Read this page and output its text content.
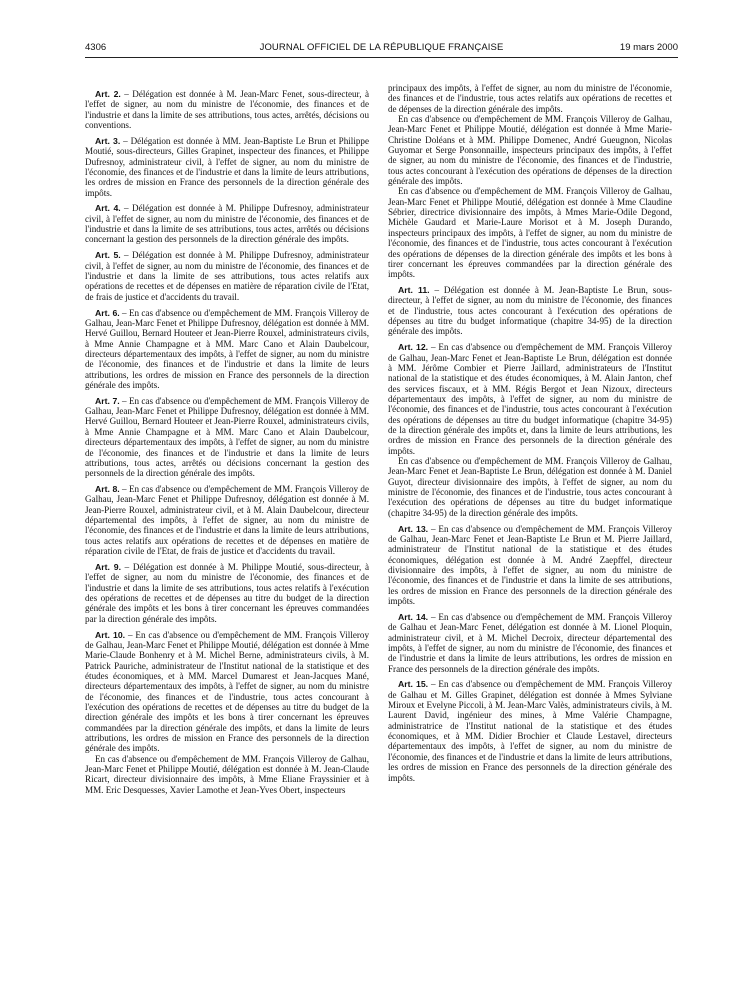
4306	JOURNAL OFFICIEL DE LA RÉPUBLIQUE FRANÇAISE	19 mars 2000

Art. 2. – Délégation est donnée à M. Jean-Marc Fenet, sous-directeur, à l'effet de signer, au nom du ministre de l'économie, des finances et de l'industrie et dans la limite de ses attributions, tous actes, arrêtés, décisions ou conventions.

Art. 3. – Délégation est donnée à MM. Jean-Baptiste Le Brun et Philippe Moutié, sous-directeurs, Gilles Grapinet, inspecteur des finances, et Philippe Dufresnoy, administrateur civil, à l'effet de signer, au nom du ministre de l'économie, des finances et de l'industrie et dans la limite de leurs attributions, les ordres de mission en France des personnels de la direction générale des impôts.

Art. 4. – Délégation est donnée à M. Philippe Dufresnoy, administrateur civil, à l'effet de signer, au nom du ministre de l'économie, des finances et de l'industrie et dans la limite de ses attributions, tous actes, arrêtés ou décisions concernant la gestion des personnels de la direction générale des impôts.

Art. 5. – Délégation est donnée à M. Philippe Dufresnoy, administrateur civil, à l'effet de signer, au nom du ministre de l'économie, des finances et de l'industrie et dans la limite de ses attributions, tous actes relatifs aux opérations de recettes et de dépenses en matière de réparation civile de l'Etat, de frais de justice et d'accidents du travail.

Art. 6. – En cas d'absence ou d'empêchement de MM. François Villeroy de Galhau, Jean-Marc Fenet et Philippe Dufresnoy, délégation est donnée à MM. Hervé Guillou, Bernard Houteer et Jean-Pierre Rouxel, administrateurs civils, à Mme Annie Champagne et à MM. Marc Cano et Alain Daubelcour, directeurs départementaux des impôts, à l'effet de signer, au nom du ministre de l'économie, des finances et de l'industrie et dans la limite de leurs attributions, les ordres de mission en France des personnels de la direction générale des impôts.

Art. 7. – En cas d'absence ou d'empêchement de MM. François Villeroy de Galhau, Jean-Marc Fenet et Philippe Dufresnoy, délégation est donnée à MM. Hervé Guillou, Bernard Houteer et Jean-Pierre Rouxel, administrateurs civils, à Mme Annie Champagne et à MM. Marc Cano et Alain Daubelcour, directeurs départementaux des impôts, à l'effet de signer, au nom du ministre de l'économie, des finances et de l'industrie et dans la limite de leurs attributions, tous actes, arrêtés ou décisions concernant la gestion des personnels de la direction générale des impôts.

Art. 8. – En cas d'absence ou d'empêchement de MM. François Villeroy de Galhau, Jean-Marc Fenet et Philippe Dufresnoy, délégation est donnée à M. Jean-Pierre Rouxel, administrateur civil, et à M. Alain Daubelcour, directeur départemental des impôts, à l'effet de signer, au nom du ministre de l'économie, des finances et de l'industrie et dans la limite de leurs attributions, tous actes relatifs aux opérations de recettes et de dépenses en matière de réparation civile de l'Etat, de frais de justice et d'accidents du travail.

Art. 9. – Délégation est donnée à M. Philippe Moutié, sous-directeur, à l'effet de signer, au nom du ministre de l'économie, des finances et de l'industrie et dans la limite de ses attributions, tous actes relatifs à l'exécution des opérations de recettes et de dépenses au titre du budget de la direction générale des impôts et les bons à tirer concernant les épreuves commandées par la direction générale des impôts.

Art. 10. – En cas d'absence ou d'empêchement de MM. François Villeroy de Galhau, Jean-Marc Fenet et Philippe Moutié, délégation est donnée à Mme Marie-Claude Bonhenry et à M. Michel Berne, administrateurs civils, à M. Patrick Pauriche, administrateur de l'Institut national de la statistique et des études économiques, et à MM. Marcel Dumarest et Jean-Jacques Mané, directeurs départementaux des impôts, à l'effet de signer, au nom du ministre de l'économie, des finances et de l'industrie, tous actes concourant à l'exécution des opérations de recettes et de dépenses au titre du budget de la direction générale des impôts et les bons à tirer concernant les épreuves commandées par la direction générale des impôts, et dans la limite de leurs attributions, les ordres de mission en France des personnels de la direction générale des impôts.

En cas d'absence ou d'empêchement de MM. François Villeroy de Galhau, Jean-Marc Fenet et Philippe Moutié, délégation est donnée à M. Jean-Claude Ricart, directeur divisionnaire des impôts, à Mme Eliane Frayssinier et à MM. Eric Desquesses, Xavier Lamothe et Jean-Yves Obert, inspecteurs

principaux des impôts, à l'effet de signer, au nom du ministre de l'économie, des finances et de l'industrie, tous actes relatifs aux opérations de recettes et de dépenses de la direction générale des impôts.

En cas d'absence ou d'empêchement de MM. François Villeroy de Galhau, Jean-Marc Fenet et Philippe Moutié, délégation est donnée à Mme Marie-Christine Doléans et à MM. Philippe Domenec, André Gueugnon, Nicolas Guyomar et Serge Ponsonnaille, inspecteurs principaux des impôts, à l'effet de signer, au nom du ministre de l'économie, des finances et de l'industrie, tous actes concourant à l'exécution des opérations de dépenses de la direction générale des impôts.

En cas d'absence ou d'empêchement de MM. François Villeroy de Galhau, Jean-Marc Fenet et Philippe Moutié, délégation est donnée à Mme Claudine Sébrier, directrice divisionnaire des impôts, à Mmes Marie-Odile Degond, Michèle Gaudard et Marie-Laure Morisot et à M. Joseph Durando, inspecteurs principaux des impôts, à l'effet de signer, au nom du ministre de l'économie, des finances et de l'industrie, tous actes concourant à l'exécution des opérations de dépenses de la direction générale des impôts et les bons à tirer concernant les épreuves commandées par la direction générale des impôts.

Art. 11. – Délégation est donnée à M. Jean-Baptiste Le Brun, sous-directeur, à l'effet de signer, au nom du ministre de l'économie, des finances et de l'industrie, tous actes concourant à l'exécution des opérations de dépenses au titre du budget informatique (chapitre 34-95) de la direction générale des impôts.

Art. 12. – En cas d'absence ou d'empêchement de MM. François Villeroy de Galhau, Jean-Marc Fenet et Jean-Baptiste Le Brun, délégation est donnée à MM. Jérôme Combier et Pierre Jaillard, administrateurs de l'Institut national de la statistique et des études économiques, à M. Alain Janton, chef des services fiscaux, et à MM. Régis Bergot et Jean Nizoux, directeurs départementaux des impôts, à l'effet de signer, au nom du ministre de l'économie, des finances et de l'industrie, tous actes concourant à l'exécution des opérations de dépenses au titre du budget informatique (chapitre 34-95) de la direction générale des impôts et, dans la limite de leurs attributions, les ordres de mission en France des personnels de la direction générale des impôts.

En cas d'absence ou d'empêchement de MM. François Villeroy de Galhau, Jean-Marc Fenet et Jean-Baptiste Le Brun, délégation est donnée à M. Daniel Guyot, directeur divisionnaire des impôts, à l'effet de signer, au nom du ministre de l'économie, des finances et de l'industrie, tous actes concourant à l'exécution des opérations de dépenses au titre du budget informatique (chapitre 34-95) de la direction générale des impôts.

Art. 13. – En cas d'absence ou d'empêchement de MM. François Villeroy de Galhau, Jean-Marc Fenet et Jean-Baptiste Le Brun et M. Pierre Jaillard, administrateur de l'Institut national de la statistique et des études économiques, délégation est donnée à M. André Zaepffel, directeur divisionnaire des impôts, à l'effet de signer, au nom du ministre de l'économie, des finances et de l'industrie et dans la limite de ses attributions, les ordres de mission en France des personnels de la direction générale des impôts.

Art. 14. – En cas d'absence ou d'empêchement de MM. François Villeroy de Galhau et Jean-Marc Fenet, délégation est donnée à M. Lionel Ploquin, administrateur civil, et à M. Michel Decroix, directeur départemental des impôts, à l'effet de signer, au nom du ministre de l'économie, des finances et de l'industrie et dans la limite de leurs attributions, les ordres de mission en France des personnels de la direction générale des impôts.

Art. 15. – En cas d'absence ou d'empêchement de MM. François Villeroy de Galhau et M. Gilles Grapinet, délégation est donnée à Mmes Sylviane Miroux et Evelyne Piccoli, à M. Jean-Marc Valès, administrateurs civils, à M. Laurent David, ingénieur des mines, à Mme Valérie Champagne, administratrice de l'Institut national de la statistique et des études économiques, et à MM. Didier Brochier et Claude Lestavel, directeurs départementaux des impôts, à l'effet de signer, au nom du ministre de l'économie, des finances et de l'industrie et dans la limite de leurs attributions, les ordres de mission en France des personnels de la direction générale des impôts.
